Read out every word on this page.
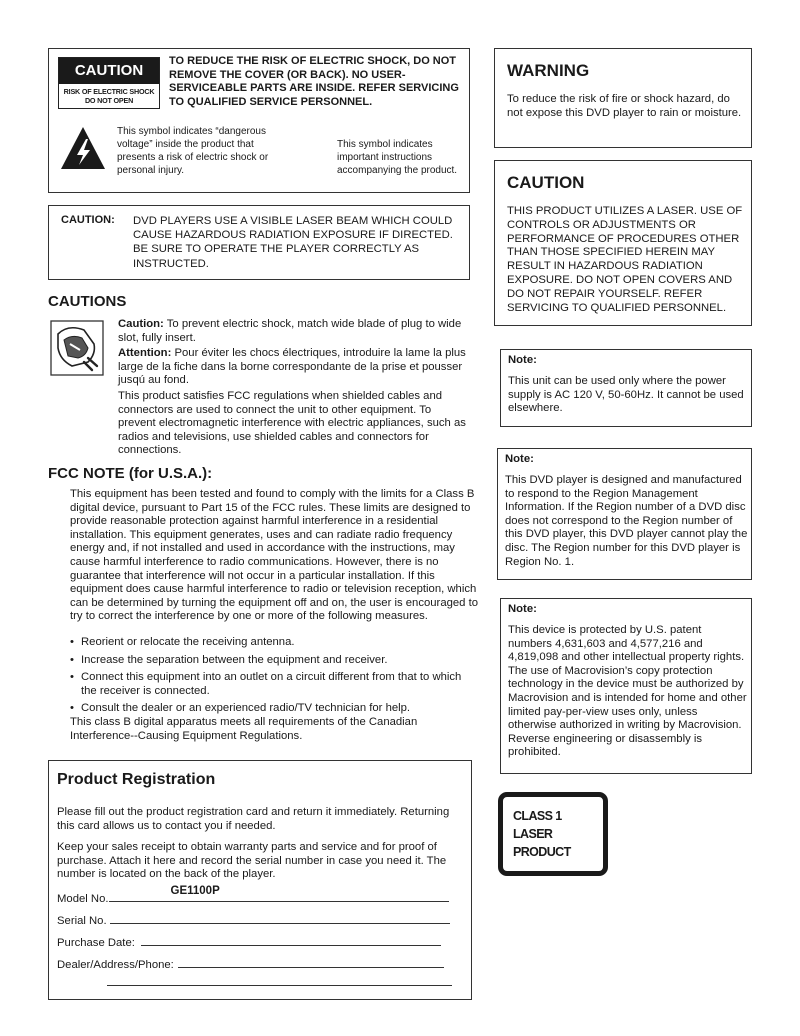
CAUTION
RISK OF ELECTRIC SHOCK
DO NOT OPEN
TO REDUCE THE RISK OF ELECTRIC SHOCK, DO NOT REMOVE THE COVER (OR BACK). NO USER-SERVICEABLE PARTS ARE INSIDE. REFER SERVICING TO QUALIFIED SERVICE PERSONNEL.
This symbol indicates “dangerous voltage” inside the product that presents a risk of electric shock or personal injury.
This symbol indicates important instructions accompanying the product.
CAUTION: DVD PLAYERS USE A VISIBLE LASER BEAM WHICH COULD CAUSE HAZARDOUS RADIATION EXPOSURE IF DIRECTED. BE SURE TO OPERATE THE PLAYER CORRECTLY AS INSTRUCTED.
CAUTIONS
Caution: To prevent electric shock, match wide blade of plug to wide slot, fully insert.
Attention: Pour éviter les chocs électriques, introduire la lame la plus large de la fiche dans la borne correspondante de la prise et pousser jusqú au fond.
This product satisfies FCC regulations when shielded cables and connectors are used to connect the unit to other equipment. To prevent electromagnetic interference with electric appliances, such as radios and televisions, use shielded cables and connectors for connections.
FCC NOTE (for U.S.A.):
This equipment has been tested and found to comply with the limits for a Class B digital device, pursuant to Part 15 of the FCC rules. These limits are designed to provide reasonable protection against harmful interference in a residential installation. This equipment generates, uses and can radiate radio frequency energy and, if not installed and used in accordance with the instructions, may cause harmful interference to radio communications. However, there is no guarantee that interference will not occur in a particular installation. If this equipment does cause harmful interference to radio or television reception, which can be determined by turning the equipment off and on, the user is encouraged to try to correct the interference by one or more of the following measures.
• Reorient or relocate the receiving antenna.
• Increase the separation between the equipment and receiver.
• Connect this equipment into an outlet on a circuit different from that to which the receiver is connected.
• Consult the dealer or an experienced radio/TV technician for help.
This class B digital apparatus meets all requirements of the Canadian Interference--Causing Equipment Regulations.
Product Registration
Please fill out the product registration card and return it immediately. Returning this card allows us to contact you if needed.
Keep your sales receipt to obtain warranty parts and service and for proof of purchase. Attach it here and record the serial number in case you need it. The number is located on the back of the player.
Model No.
GE1100P
Serial No.
Purchase Date:
Dealer/Address/Phone:
WARNING
To reduce the risk of fire or shock hazard, do not expose this DVD player to rain or moisture.
CAUTION
THIS PRODUCT UTILIZES A LASER. USE OF CONTROLS OR ADJUSTMENTS OR PERFORMANCE OF PROCEDURES OTHER THAN THOSE SPECIFIED HEREIN MAY RESULT IN HAZARDOUS RADIATION EXPOSURE. DO NOT OPEN COVERS AND DO NOT REPAIR YOURSELF. REFER SERVICING TO QUALIFIED PERSONNEL.
Note:
This unit can be used only where the power supply is AC 120 V, 50-60Hz. It cannot be used elsewhere.
Note:
This DVD player is designed and manufactured to respond to the Region Management Information. If the Region number of a DVD disc does not correspond to the Region number of this DVD player, this DVD player cannot play the disc. The Region number for this DVD player is Region No. 1.
Note:
This device is protected by U.S. patent numbers 4,631,603 and 4,577,216 and 4,819,098 and other intellectual property rights. The use of Macrovision’s copy protection technology in the device must be authorized by Macrovision and is intended for home and other limited pay-per-view uses only, unless otherwise authorized in writing by Macrovision. Reverse engineering or disassembly is prohibited.
CLASS 1
LASER
PRODUCT
